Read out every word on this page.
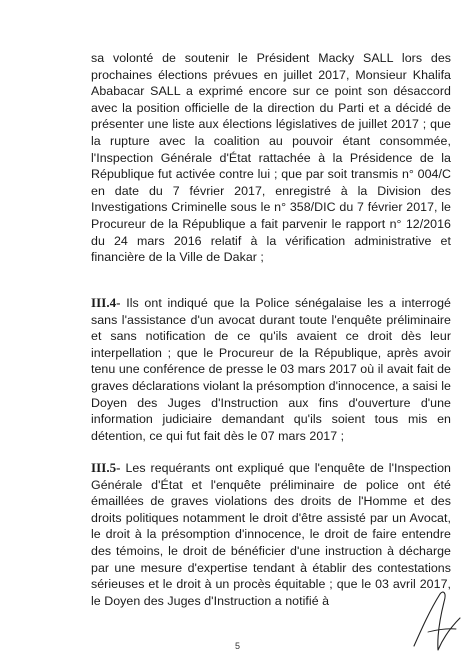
sa volonté de soutenir le Président Macky SALL lors des prochaines élections prévues en juillet 2017, Monsieur Khalifa Ababacar SALL a exprimé encore sur ce point son désaccord avec la position officielle de la direction du Parti et a décidé de présenter une liste aux élections législatives de juillet 2017 ; que la rupture avec la coalition au pouvoir étant consommée, l'Inspection Générale d'État rattachée à la Présidence de la République fut activée contre lui ; que par soit transmis n° 004/C en date du 7 février 2017, enregistré à la Division des Investigations Criminelle sous le n° 358/DIC du 7 février 2017, le Procureur de la République a fait parvenir le rapport n° 12/2016 du 24 mars 2016 relatif à la vérification administrative et financière de la Ville de Dakar ;
III.4- Ils ont indiqué que la Police sénégalaise les a interrogé sans l'assistance d'un avocat durant toute l'enquête préliminaire et sans notification de ce qu'ils avaient ce droit dès leur interpellation ; que le Procureur de la République, après avoir tenu une conférence de presse le 03 mars 2017 où il avait fait de graves déclarations violant la présomption d'innocence, a saisi le Doyen des Juges d'Instruction aux fins d'ouverture d'une information judiciaire demandant qu'ils soient tous mis en détention, ce qui fut fait dès le 07 mars 2017 ;
III.5- Les requérants ont expliqué que l'enquête de l'Inspection Générale d'État et l'enquête préliminaire de police ont été émaillées de graves violations des droits de l'Homme et des droits politiques notamment le droit d'être assisté par un Avocat, le droit à la présomption d'innocence, le droit de faire entendre des témoins, le droit de bénéficier d'une instruction à décharge par une mesure d'expertise tendant à établir des contestations sérieuses et le droit à un procès équitable ; que le 03 avril 2017, le Doyen des Juges d'Instruction a notifié à
5
